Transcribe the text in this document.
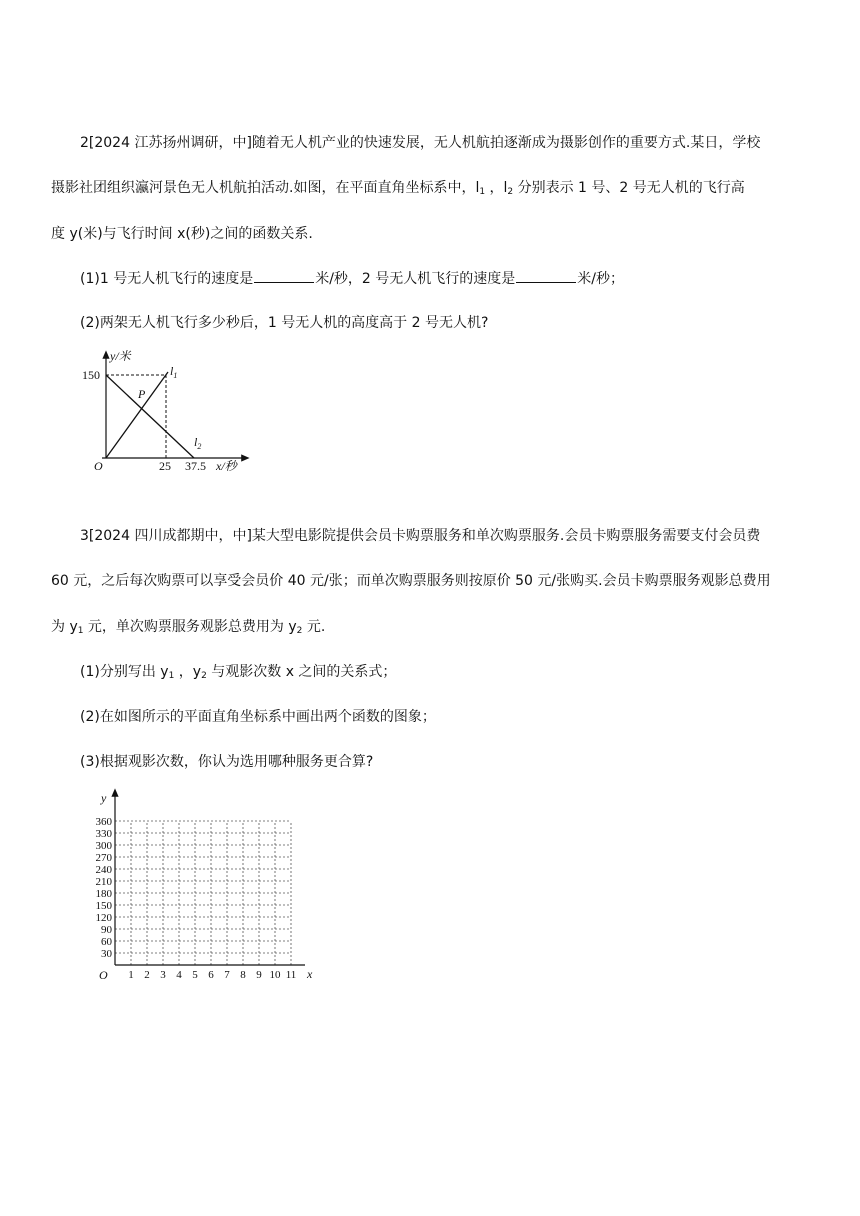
2[2024 江苏扬州调研，中]随着无人机产业的快速发展，无人机航拍逐渐成为摄影创作的重要方式.某日，学校
摄影社团组织瀛河景色无人机航拍活动.如图，在平面直角坐标系中，$l_1$ ，$l_2$ 分别表示 1 号、2 号无人机的飞行高
度 y(米)与飞行时间 x(秒)之间的函数关系.
(1)1 号无人机飞行的速度是	米/秒，2 号无人机飞行的速度是	米/秒；
(2)两架无人机飞行多少秒后，1 号无人机的高度高于 2 号无人机?
y/米
150
O	25 37.5 x/秒
P
$l_1$
$l_2$
3[2024 四川成都期中，中]某大型电影院提供会员卡购票服务和单次购票服务.会员卡购票服务需要支付会员费
60 元，之后每次购票可以享受会员价 40 元/张；而单次购票服务则按原价 50 元/张购买.会员卡购票服务观影总费用
为 $y_1$ 元，单次购票服务观影总费用为 $y_2$ 元.
(1)分别写出 $y_1$ ，$y_2$ 与观影次数 x 之间的关系式；
(2)在如图所示的平面直角坐标系中画出两个函数的图象；
(3)根据观影次数，你认为选用哪种服务更合算?
y
O	x
360
330
300
270
240
210
180
150
120
90
60
30
1 2 3 4 5 6 7 8 9 10 11
